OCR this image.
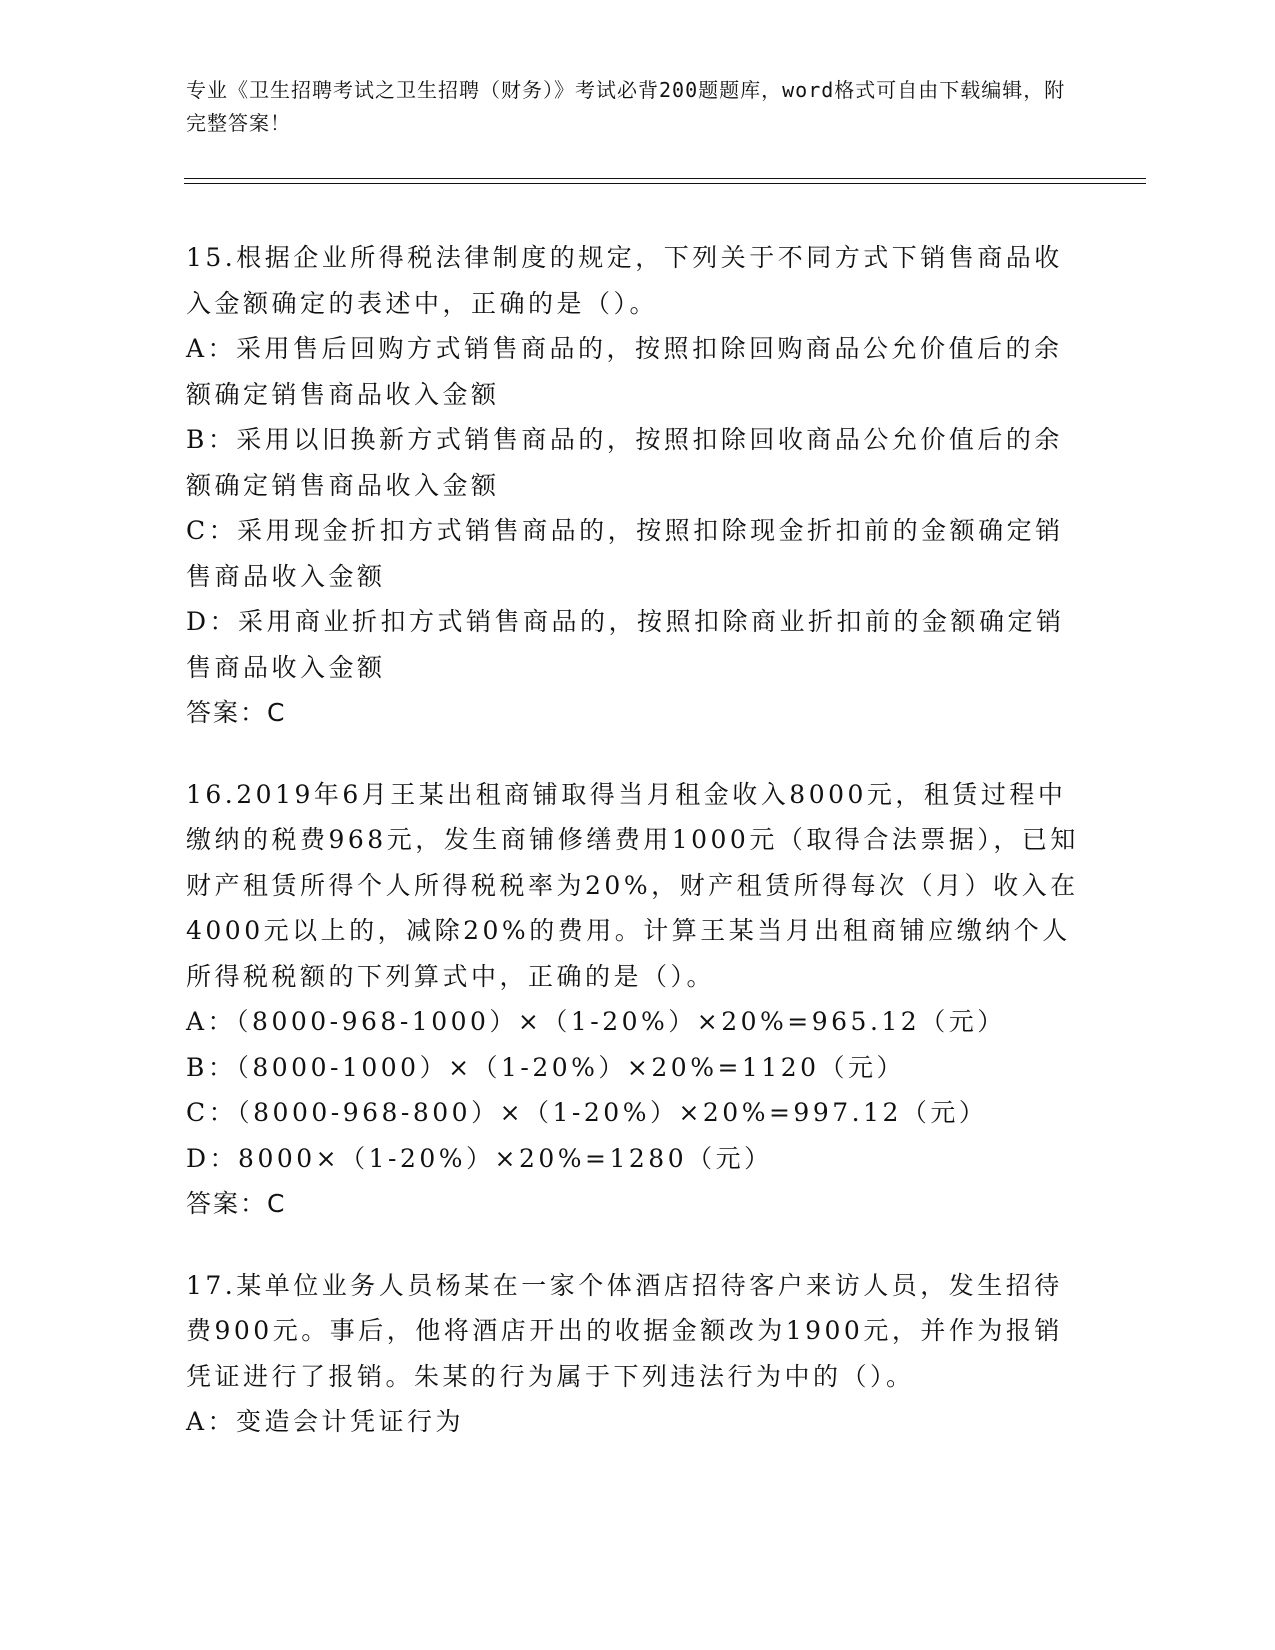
专业《卫生招聘考试之卫生招聘（财务）》考试必背200题题库，word格式可自由下载编辑，附完整答案！

15.根据企业所得税法律制度的规定，下列关于不同方式下销售商品收入金额确定的表述中，正确的是（）。

A：采用售后回购方式销售商品的，按照扣除回购商品公允价值后的余额确定销售商品收入金额

B：采用以旧换新方式销售商品的，按照扣除回收商品公允价值后的余额确定销售商品收入金额

C：采用现金折扣方式销售商品的，按照扣除现金折扣前的金额确定销售商品收入金额

D：采用商业折扣方式销售商品的，按照扣除商业折扣前的金额确定销售商品收入金额

答案：C

16.2019年6月王某出租商铺取得当月租金收入8000元，租赁过程中缴纳的税费968元，发生商铺修缮费用1000元（取得合法票据），已知财产租赁所得个人所得税税率为20%，财产租赁所得每次（月）收入在4000元以上的，减除20%的费用。计算王某当月出租商铺应缴纳个人所得税税额的下列算式中，正确的是（）。

A：（8000-968-1000）×（1-20%）×20%=965.12（元）

B：（8000-1000）×（1-20%）×20%=1120（元）

C：（8000-968-800）×（1-20%）×20%=997.12（元）

D：8000×（1-20%）×20%=1280（元）

答案：C

17.某单位业务人员杨某在一家个体酒店招待客户来访人员，发生招待费900元。事后，他将酒店开出的收据金额改为1900元，并作为报销凭证进行了报销。朱某的行为属于下列违法行为中的（）。

A：变造会计凭证行为
